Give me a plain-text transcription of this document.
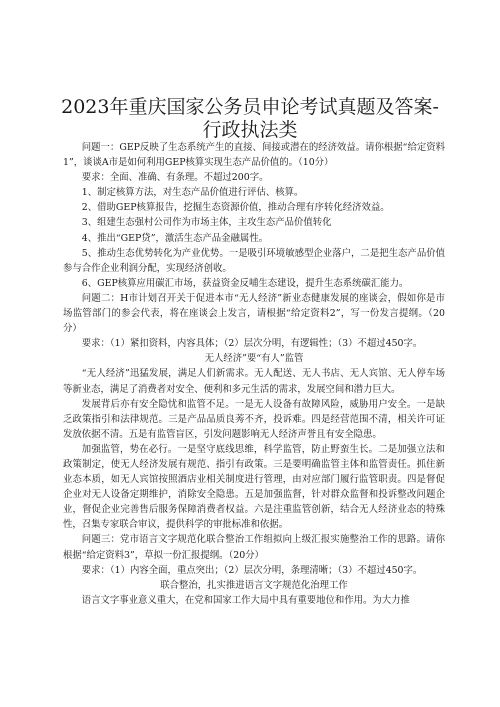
2023年重庆国家公务员申论考试真题及答案-
行政执法类

问题一：GEP反映了生态系统产生的直接、间接或潜在的经济效益。请你根据“给定资料1”，谈谈A市是如何利用GEP核算实现生态产品价值的。（10分）

要求：全面、准确、有条理。不超过200字。

1、制定核算方法，对生态产品价值进行评估、核算。

2、借助GEP核算报告，挖掘生态资源价值，推动合理有序转化经济效益。

3、组建生态强村公司作为市场主体，主攻生态产品价值转化

4、推出“GEP贷”，激活生态产品金融属性。

5、推动生态优势转化为产业优势。一是吸引环境敏感型企业落户，二是把生态产品价值参与合作企业利润分配，实现经济创收。

6、GEP核算应用碳汇市场，获益资金反哺生态建设，提升生态系统碳汇能力。

问题二：H市计划召开关于促进本市“无人经济”新业态健康发展的座谈会，假如你是市场监管部门的参会代表，将在座谈会上发言，请根据“给定资料2”，写一份发言提纲。（20分）

要求：（1）紧扣资料，内容具体；（2）层次分明，有逻辑性；（3）不超过450字。

无人经济”要“有人”监管

“无人经济”迅猛发展，满足人们新需求。无人配送、无人书店、无人宾馆、无人停车场等新业态，满足了消费者对安全、便利和多元生活的需求，发展空间和潜力巨大。

发展背后亦有安全隐忧和监管不足。一是无人设备有故障风险，威胁用户安全。一是缺乏政策指引和法律规范。三是产品品质良莠不齐，投诉难。四是经营范围不清，相关许可证发放依据不清。五是有监管盲区，引发问题影响无人经济声誉且有安全隐患。

加强监管，势在必行。一是坚守底线思维，科学监管，防止野蛮生长。二是加强立法和政策制定，使无人经济发展有规范、指引有政策。三是要明确监管主体和监管责任。抓住新业态本质，如无人宾馆按照酒店业相关制度进行管理，由对应部门履行监管职责。四是督促企业对无人设备定期维护，消除安全隐患。五是加强监督，针对群众监督和投诉整改问题企业，督促企业完善售后服务保障消费者权益。六是注重监管创新，结合无人经济业态的特殊性，召集专家联合审议，提供科学的审批标准和依据。

问题三：党市语言文字规范化联合整治工作组拟向上级汇报实施整治工作的思路。请你根据“给定资料3”，草拟一份汇报提纲。（20分）

要求：（1）内容全面，重点突出；（2）层次分明，条理清晰；（3）不超过450字。

联合整治，扎实推进语言文字规范化治理工作

语言文字事业意义重大，在党和国家工作大局中具有重要地位和作用。为大力推
